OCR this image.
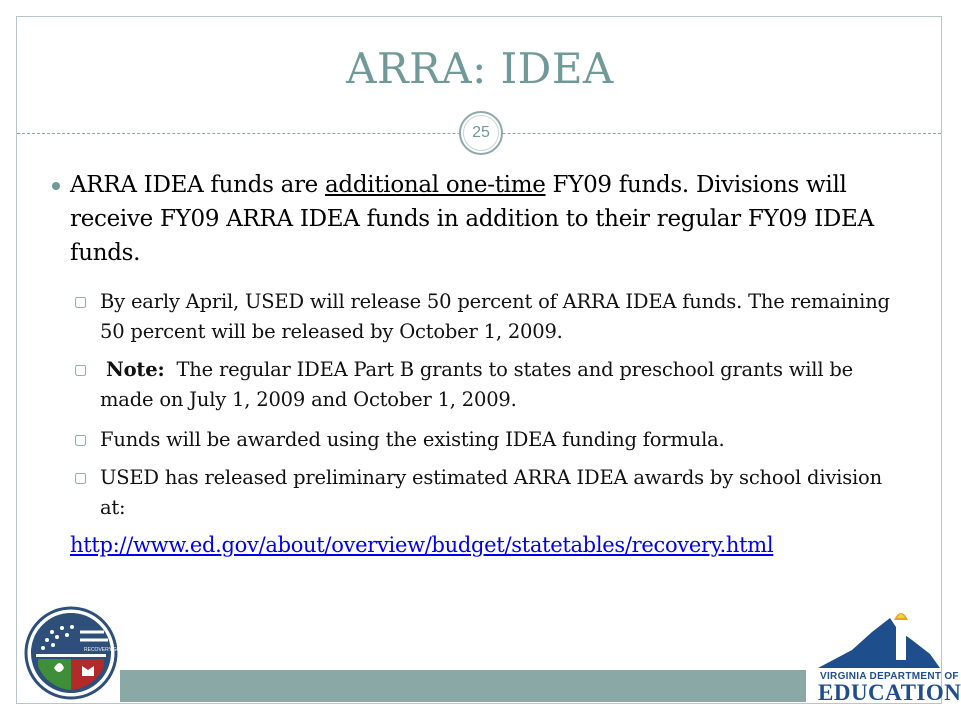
ARRA: IDEA
25
ARRA IDEA funds are additional one-time FY09 funds. Divisions will receive FY09 ARRA IDEA funds in addition to their regular FY09 IDEA funds.
▢ By early April, USED will release 50 percent of ARRA IDEA funds. The remaining 50 percent will be released by October 1, 2009.
▢ Note: The regular IDEA Part B grants to states and preschool grants will be made on July 1, 2009 and October 1, 2009.
▢ Funds will be awarded using the existing IDEA funding formula.
▢ USED has released preliminary estimated ARRA IDEA awards by school division at:
http://www.ed.gov/about/overview/budget/statetables/recovery.html
RECOVERY.GOV
VIRGINIA DEPARTMENT OF
EDUCATION
